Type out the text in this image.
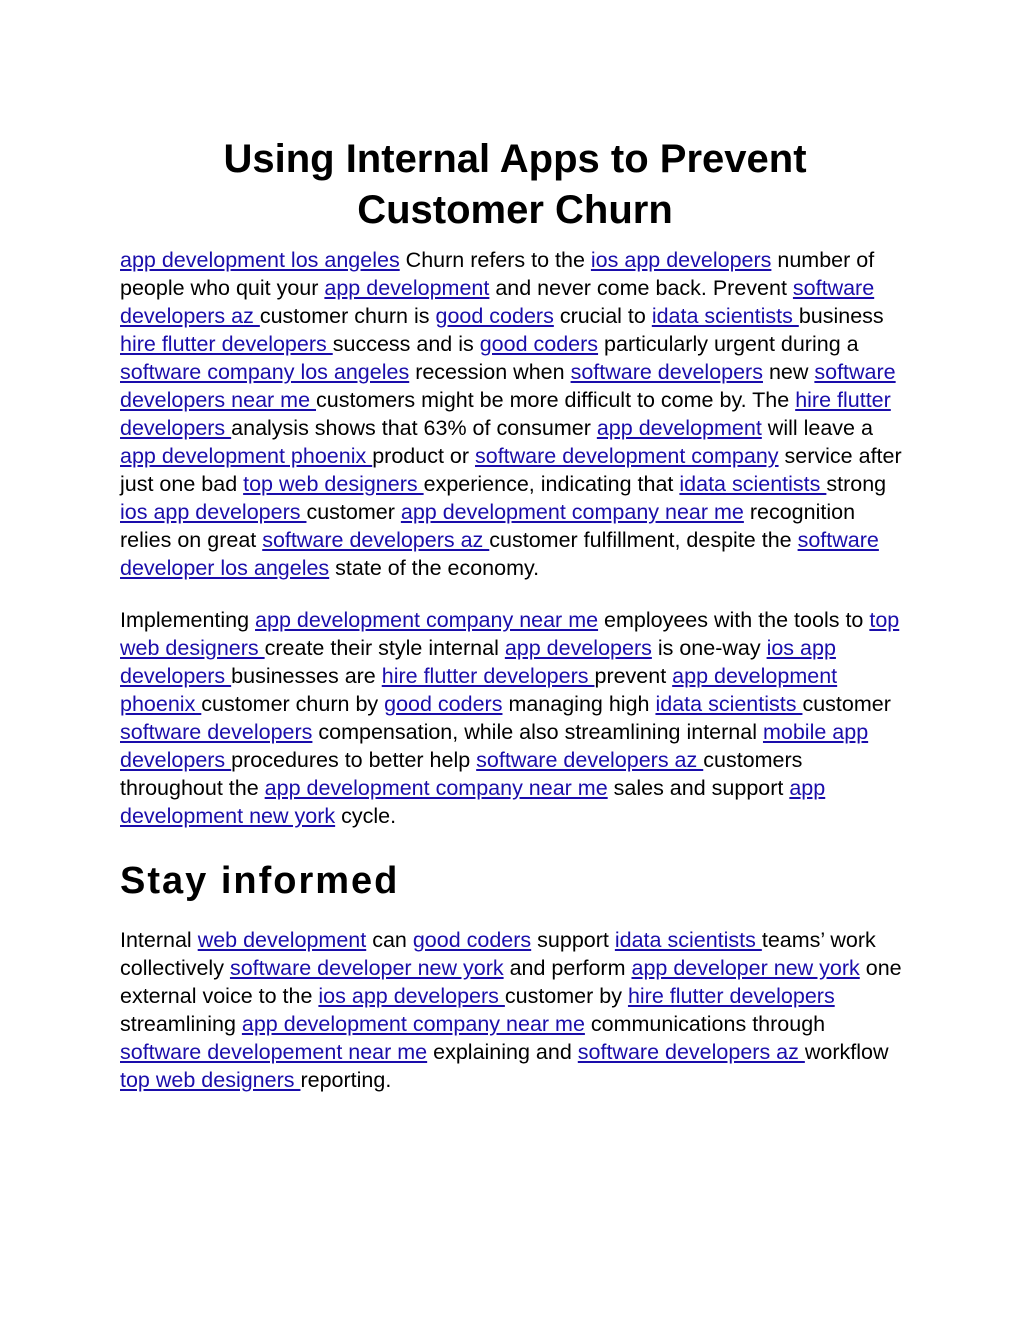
Using Internal Apps to Prevent Customer Churn

app development los angeles Churn refers to the ios app developers number of people who quit your app development and never come back. Prevent software developers az customer churn is good coders crucial to idata scientists business hire flutter developers success and is good coders particularly urgent during a software company los angeles recession when software developers new software developers near me customers might be more difficult to come by. The hire flutter developers analysis shows that 63% of consumer app development will leave a app development phoenix product or software development company service after just one bad top web designers experience, indicating that idata scientists strong ios app developers customer app development company near me recognition relies on great software developers az customer fulfillment, despite the software developer los angeles state of the economy.

Implementing app development company near me employees with the tools to top web designers create their style internal app developers is one-way ios app developers businesses are hire flutter developers prevent app development phoenix customer churn by good coders managing high idata scientists customer software developers compensation, while also streamlining internal mobile app developers procedures to better help software developers az customers throughout the app development company near me sales and support app development new york cycle.

Stay informed

Internal web development can good coders support idata scientists teams’ work collectively software developer new york and perform app developer new york one external voice to the ios app developers customer by hire flutter developers streamlining app development company near me communications through software developement near me explaining and software developers az workflow top web designers reporting.
